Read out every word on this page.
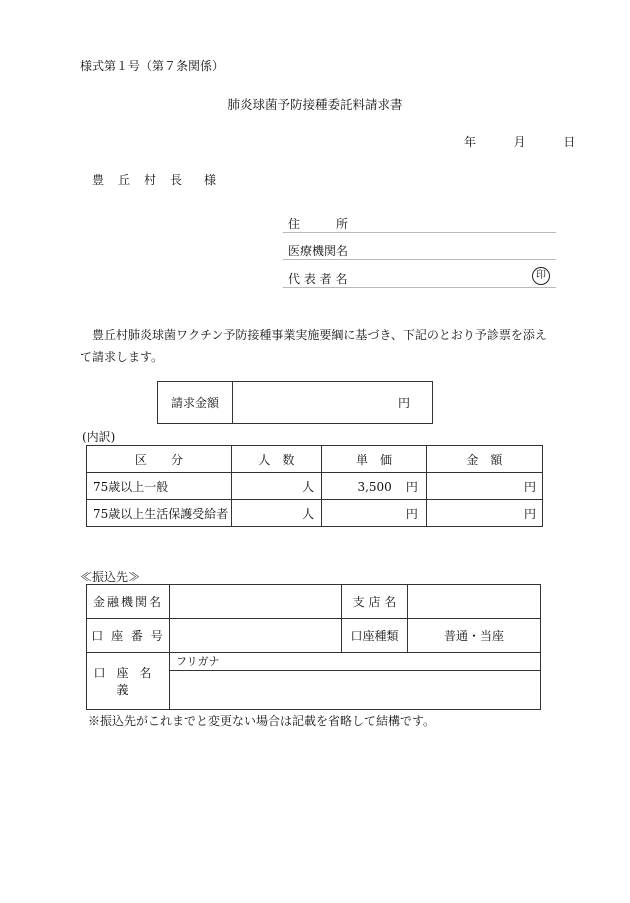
様式第１号（第７条関係）
肺炎球菌予防接種委託料請求書
年	月	日
豊丘村長 様
住　　　所
医療機関名
代 表 者 名	印
豊丘村肺炎球菌ワクチン予防接種事業実施要綱に基づき、下記のとおり予診票を添えて請求します。
請求金額	円
(内訳)
区　　分	人　数	単　価	金　額
75歳以上一般	人	3,500 円	円
75歳以上生活保護受給者	人	円	円
≪振込先≫
金融機関名		支 店 名	
口 座 番 号		口座種類	普通・当座
口座名義	フリガナ		

※振込先がこれまでと変更ない場合は記載を省略して結構です。
